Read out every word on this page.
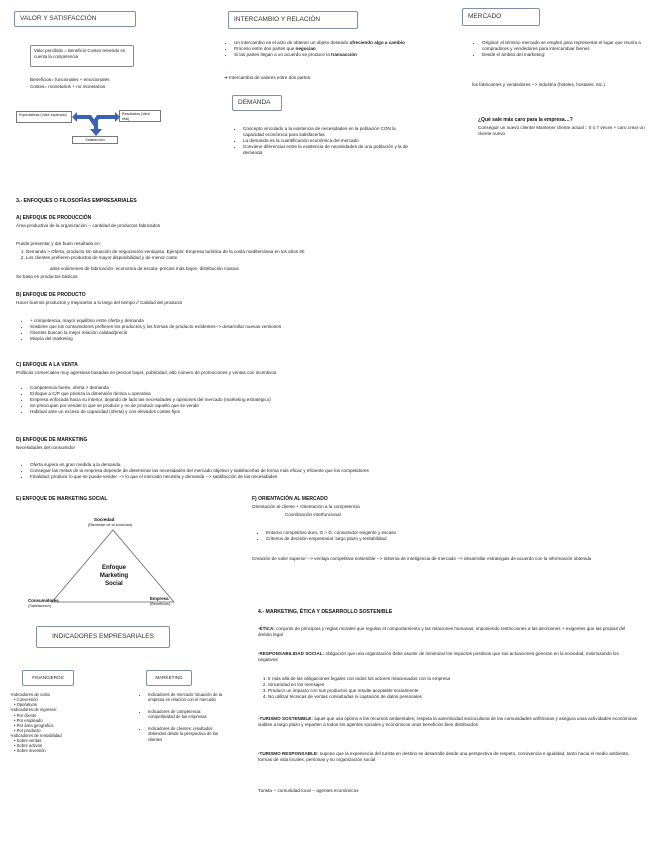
VALOR Y SATISFACCIÓN
Valor percibido = Beneficio-Costes teniendo en cuenta la competencia
Beneficios= funcionales + emocionales
Costes= monetarios + no monetarios
Expectativas (Valor esperado)	Resultados (Valor real)
Satisfacción
INTERCAMBIO Y RELACIÓN
• Un intercambio es el acto de obtener un objeto deseado ofreciendo algo a cambio
• Proceso entre dos partes que negocian
• Si las partes llegan a un acuerdo se produce la transacción
➔ Intercambio de valores entre dos partes
DEMANDA
• Concepto vinculado a la existencia de necesidades en la población CON la capacidad económica para satisfacerlas
• La demanda es la cuantificación económica del mercado
• Conviene diferenciar entre la existencia de necesidades de una población y la de demanda
MERCADO
• Original: el término mercado se empleó para representar el lugar que reunía a compradores y vendedores para intercambiar bienes
• Desde el ámbito del marketing:
los fabricantes y vendedores --> industria (hoteles, hostales, etc.)
¿Qué sale más caro para la empresa…?
Conseguir un nuevo cliente/ Mantener cliente actual :: 5 o 7 veces + caro crear un cliente nuevo
3.- ENFOQUES O FILOSOFÍAS EMPRESARIALES
A) ENFOQUE DE PRODUCCIÓN
Área productiva de la organización -- cantidad de productos fabricados
Puede presentar y dar buen resultado en:
1. Demanda > Oferta, producto sin situación de negociación ventajosa. Ejemplo: Empresa turística de la costa mediterránea en los años 60
2. Los clientes prefieren productos de mayor disponibilidad y de menor coste
altos volúmenes de fabricación- economía de escala- precios más bajos- distribución masiva
Se basa en productos básicos
B) ENFOQUE DE PRODUCTO
Hacer buenos productos y mejorarlos a lo largo del tiempo // Calidad del producto
• + competencia, mayor equilibrio entre oferta y demanda
• Sostiene que los consumidores prefieren los productos y los formas de producto existentes--> desarrollar nuevas versiones
• Clientes buscan la mejor relación calidad/precio
• Miopía del marketing
C) ENFOQUE A LA VENTA
Políticas comerciales muy agresivas basadas en precios bajos, publicidad, alto número de promociones y ventas con incentivos.
• Competencia fuerte, oferta > demanda
• Enfoque a C/P que prioriza la dimensión táctica u operativa
• Empresa enfocada hacia su interior, dejando de lado las necesidades y opiniones del mercado (marketing estratégico)
• Se preocupan por vender lo que se produce y no de producir aquello que se vende
• Habitual ante un exceso de capacidad (oferta) y con elevados costes fijos
D) ENFOQUE DE MARKETING
Necesidades del consumidor
• Oferta supera en gran medida a la demanda
• Conseguir las metas de la empresa depende de determinar las necesidades del mercado objetivo y satisfacerlas de forma más eficaz y eficiente que los competidores
• Finalidad: producir lo que se puede vender --> lo que el mercado necesita y demanda --> satisfacción de las necesidades
E) ENFOQUE DE MARKETING SOCIAL
Sociedad
(Bienestar de la sociedad)
Enfoque
Marketing
Social
Consumidores
(Satisfacción)
Empresa
(Beneficios)
F) ORIENTACIÓN AL MERCADO
Orientación al cliente + Orientación a la competencia
Coordinación interfuncional
• Entorno competitivo duro, O > D, consumidor exigente y escaso
• Criterios de decisión empresarial: largo plazo y rentabilidad
Creación de valor superior --> ventaja competitiva sostenible --> sistema de inteligencia de mercado --> desarrollar estrategias de acuerdo con la información obtenida
INDICADORES EMPRESARIALES
FINANCIEROS	MARKETING
-Indicadores de costo
• Conversión
• Operativos
-Indicadores de ingresos:
• Por cliente
• Por empleado
• Por área geográfica
• Por producto
-Indicadores de rentabilidad
• Sobre ventas
• Sobre activos
• Sobre inversión
• Indicadores de mercado: situación de la empresa en relación con el mercado
• Indicadores de competencia: competitividad de las empresas
• Indicadores de clientes: resultados obtenidos desde la perspectiva de los clientes
4.- MARKETING, ÉTICA Y DESARROLLO SOSTENIBLE
-ÉTICA: conjunto de principios y reglas morales que regulan el comportamiento y las relaciones humanas, imponiendo restricciones a las decisiones + exigentes que las propias del ámbito legal
-RESPONSABILIDAD SOCIAL: obligación que una organización debe asumir de minimizar los impactos positivos que sus actuaciones generan en la sociedad, minimizando los negativos
1. Ir más allá de las obligaciones legales con todos los actores relacionados con la empresa
2. Sinceridad en los mensajes
3. Producir un impacto con sus productos que resulte aceptable socialmente
4. No utilizar técnicas de ventas consultadas ni captación de datos personales
-TURISMO SOSTENIBLE: aquel que usa óptimo a los recursos ambientales, respeta la autenticidad sociocultural de las comunidades anfitrionas y asegura unas actividades económicas viables a largo plazo y reparten a todos los agentes sociales y económicos unos beneficios bien distribuidos
-TURISMO RESPONSABLE: supone que la experiencia del turista en destino se desarrolle desde una perspectiva de respeto, convivencia e igualdad, tanto hacia el medio ambiente, formas de vida locales, personas y su organización social
Turista -- comunidad local -- agentes económicos
